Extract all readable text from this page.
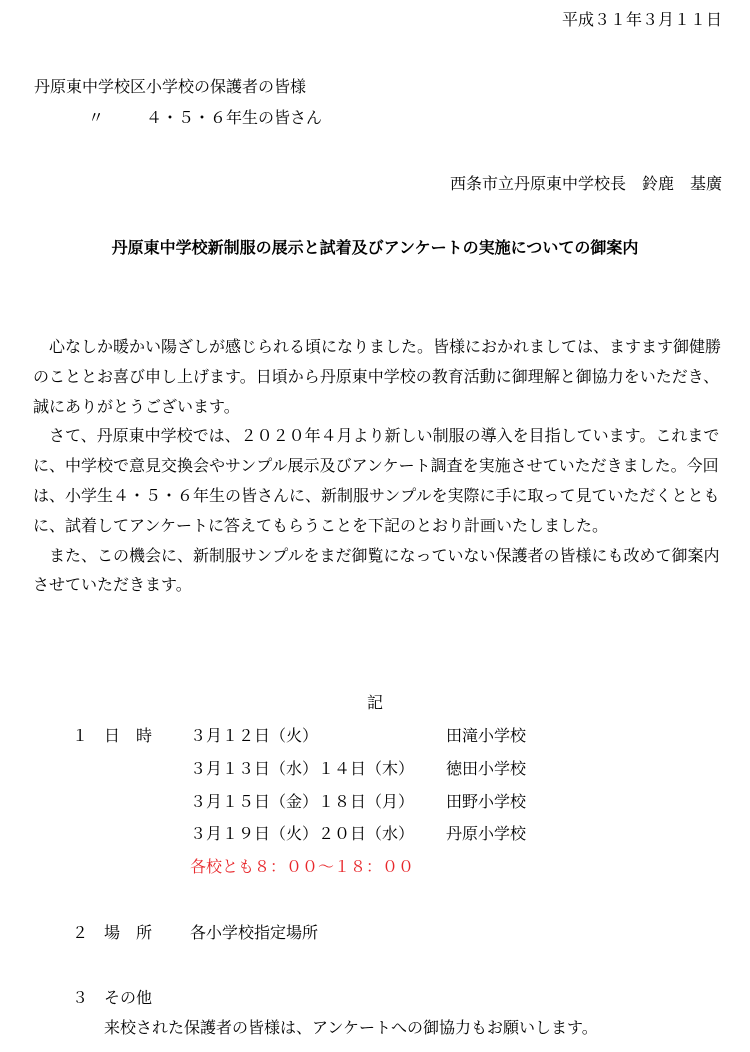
平成３１年３月１１日
丹原東中学校区小学校の保護者の皆様
〃	４・５・６年生の皆さん
西条市立丹原東中学校長　鈴鹿　基廣
丹原東中学校新制服の展示と試着及びアンケートの実施についての御案内

　心なしか暖かい陽ざしが感じられる頃になりました。皆様におかれましては、ますます御健勝のこととお喜び申し上げます。日頃から丹原東中学校の教育活動に御理解と御協力をいただき、誠にありがとうございます。

　さて、丹原東中学校では、２０２０年４月より新しい制服の導入を目指しています。これまでに、中学校で意見交換会やサンプル展示及びアンケート調査を実施させていただきました。今回は、小学生４・５・６年生の皆さんに、新制服サンプルを実際に手に取って見ていただくとともに、試着してアンケートに答えてもらうことを下記のとおり計画いたしました。

　また、この機会に、新制服サンプルをまだ御覧になっていない保護者の皆様にも改めて御案内させていただきます。

記
１ 日　時 ３月１２日（火）	田滝小学校
３月１３日（水）１４日（木） 徳田小学校
３月１５日（金）１８日（月） 田野小学校
３月１９日（火）２０日（水） 丹原小学校
各校とも８：００～１８：００
２ 場　所 各小学校指定場所
３ その他
来校された保護者の皆様は、アンケートへの御協力もお願いします。
